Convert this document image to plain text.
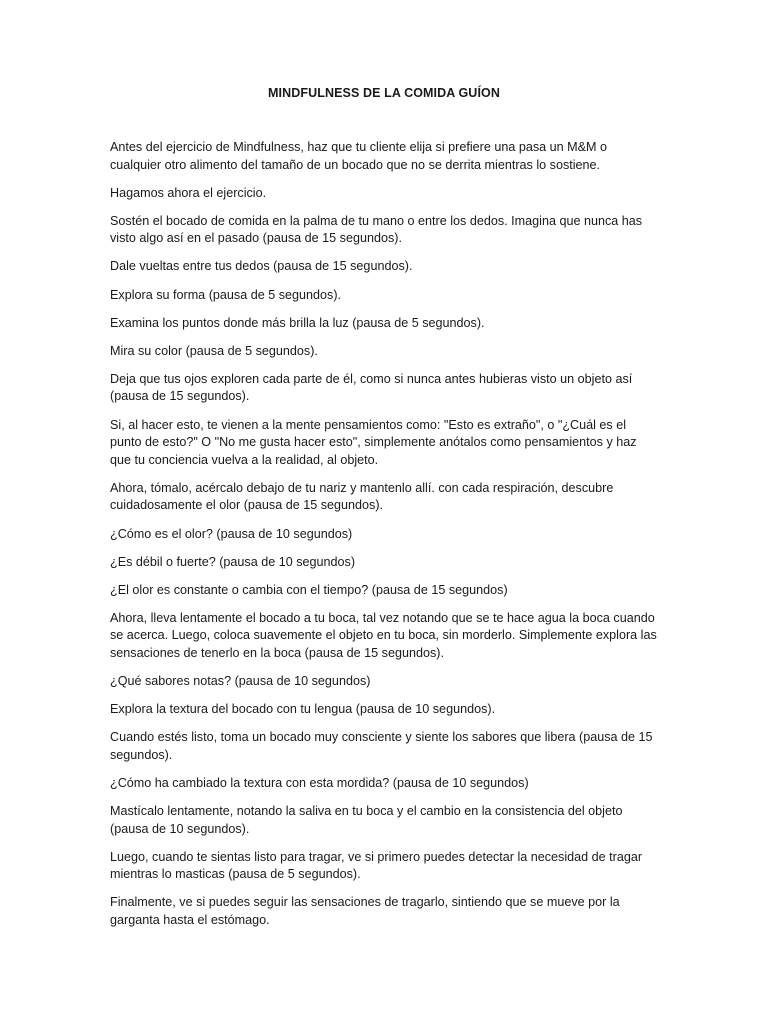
MINDFULNESS DE LA COMIDA GUÍON

Antes del ejercicio de Mindfulness, haz que tu cliente elija si prefiere una pasa un M&M o cualquier otro alimento del tamaño de un bocado que no se derrita mientras lo sostiene.

Hagamos ahora el ejercicio.

Sostén el bocado de comida en la palma de tu mano o entre los dedos. Imagina que nunca has visto algo así en el pasado (pausa de 15 segundos).

Dale vueltas entre tus dedos (pausa de 15 segundos).

Explora su forma (pausa de 5 segundos).

Examina los puntos donde más brilla la luz (pausa de 5 segundos).

Mira su color (pausa de 5 segundos).

Deja que tus ojos exploren cada parte de él, como si nunca antes hubieras visto un objeto así (pausa de 15 segundos).

Si, al hacer esto, te vienen a la mente pensamientos como: "Esto es extraño", o "¿Cuál es el punto de esto?" O "No me gusta hacer esto", simplemente anótalos como pensamientos y haz que tu conciencia vuelva a la realidad, al objeto.

Ahora, tómalo, acércalo debajo de tu nariz y mantenlo allí. con cada respiración, descubre cuidadosamente el olor (pausa de 15 segundos).

¿Cómo es el olor? (pausa de 10 segundos)

¿Es débil o fuerte? (pausa de 10 segundos)

¿El olor es constante o cambia con el tiempo? (pausa de 15 segundos)

Ahora, lleva lentamente el bocado a tu boca, tal vez notando que se te hace agua la boca cuando se acerca. Luego, coloca suavemente el objeto en tu boca, sin morderlo. Simplemente explora las sensaciones de tenerlo en la boca (pausa de 15 segundos).

¿Qué sabores notas? (pausa de 10 segundos)

Explora la textura del bocado con tu lengua (pausa de 10 segundos).

Cuando estés listo, toma un bocado muy consciente y siente los sabores que libera (pausa de 15 segundos).

¿Cómo ha cambiado la textura con esta mordida? (pausa de 10 segundos)

Mastícalo lentamente, notando la saliva en tu boca y el cambio en la consistencia del objeto (pausa de 10 segundos).

Luego, cuando te sientas listo para tragar, ve si primero puedes detectar la necesidad de tragar mientras lo masticas (pausa de 5 segundos).

Finalmente, ve si puedes seguir las sensaciones de tragarlo, sintiendo que se mueve por la garganta hasta el estómago.
